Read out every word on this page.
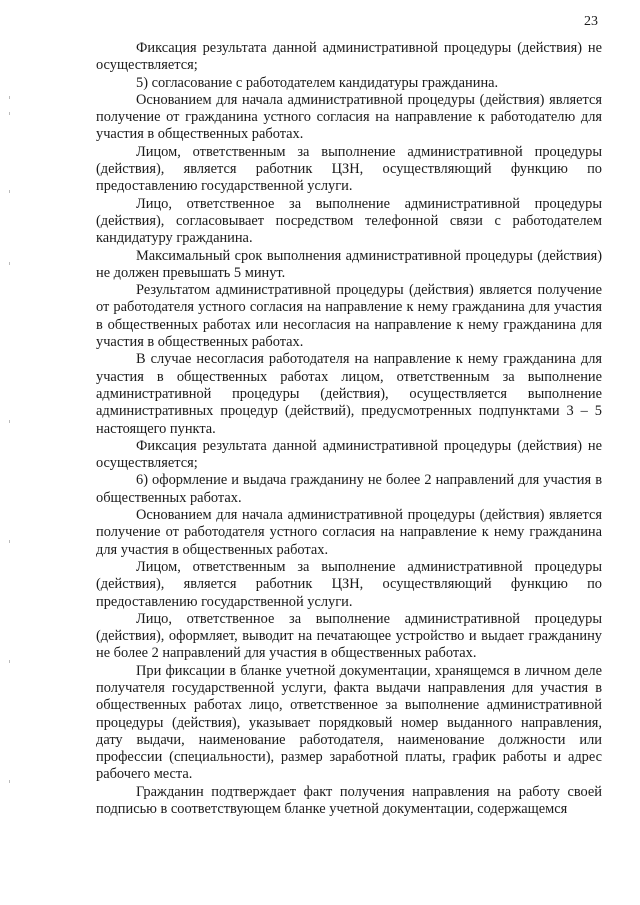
23

Фиксация результата данной административной процедуры (действия) не осуществляется;

5) согласование с работодателем кандидатуры гражданина.

Основанием для начала административной процедуры (действия) является получение от гражданина устного согласия на направление к работодателю для участия в общественных работах.

Лицом, ответственным за выполнение административной процедуры (действия), является работник ЦЗН, осуществляющий функцию по предоставлению государственной услуги.

Лицо, ответственное за выполнение административной процедуры (действия), согласовывает посредством телефонной связи с работодателем кандидатуру гражданина.

Максимальный срок выполнения административной процедуры (действия) не должен превышать 5 минут.

Результатом административной процедуры (действия) является получение от работодателя устного согласия на направление к нему гражданина для участия в общественных работах или несогласия на направление к нему гражданина для участия в общественных работах.

В случае несогласия работодателя на направление к нему гражданина для участия в общественных работах лицом, ответственным за выполнение административной процедуры (действия), осуществляется выполнение административных процедур (действий), предусмотренных подпунктами 3 – 5 настоящего пункта.

Фиксация результата данной административной процедуры (действия) не осуществляется;

6) оформление и выдача гражданину не более 2 направлений для участия в общественных работах.

Основанием для начала административной процедуры (действия) является получение от работодателя устного согласия на направление к нему гражданина для участия в общественных работах.

Лицом, ответственным за выполнение административной процедуры (действия), является работник ЦЗН, осуществляющий функцию по предоставлению государственной услуги.

Лицо, ответственное за выполнение административной процедуры (действия), оформляет, выводит на печатающее устройство и выдает гражданину не более 2 направлений для участия в общественных работах.

При фиксации в бланке учетной документации, хранящемся в личном деле получателя государственной услуги, факта выдачи направления для участия в общественных работах лицо, ответственное за выполнение административной процедуры (действия), указывает порядковый номер выданного направления, дату выдачи, наименование работодателя, наименование должности или профессии (специальности), размер заработной платы, график работы и адрес рабочего места.

Гражданин подтверждает факт получения направления на работу своей подписью в соответствующем бланке учетной документации, содержащемся
